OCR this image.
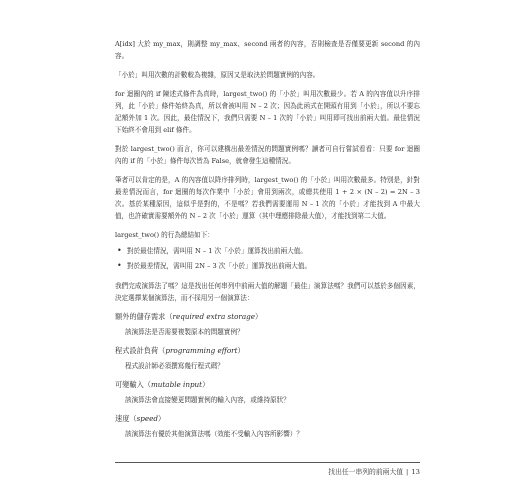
A[idx] 大於 my_max，則調整 my_max、second 兩者的內容，否則檢查是否僅要更新 second 的內容。

「小於」叫用次數的計數較為複雜，原因又是取決於問題實例的內容。

for 迴圈內的 if 陳述式條件為真時，largest_two() 的「小於」叫用次數最少。若 A 的內容值以升序排列，此「小於」條件始終為真，所以會被叫用 N – 2 次；因為此函式在開頭有用到「小於」，所以不要忘記額外加 1 次。因此，最佳情況下，我們只需要 N – 1 次的「小於」叫用即可找出前兩大值。最佳情況下始終不會用到 elif 條件。

對於 largest_two() 而言，你可以建構出最差情況的問題實例嗎？讀者可自行嘗試看看：只要 for 迴圈內的 if 的「小於」條件每次皆為 False，就會發生這種情況。

筆者可以肯定的是，A 的內容值以降序排列時，largest_two() 的「小於」叫用次數最多。特別是，針對最差情況而言，for 迴圈的每次作業中「小於」會用到兩次，或總共使用 1 + 2 × (N – 2) = 2N – 3 次。基於某種原因，這似乎是對的，不是嗎？若我們需要運用 N – 1 次的「小於」才能找到 A 中最大值，也許確實需要額外的 N – 2 次「小於」運算（其中理應排除最大值），才能找到第二大值。

largest_two() 的行為總結如下：

• 對於最佳情況，需叫用 N – 1 次「小於」運算找出前兩大值。
• 對於最差情況，需叫用 2N – 3 次「小於」運算找出前兩大值。

我們完成演算法了嗎？這是找出任何串列中前兩大值的解題「最佳」演算法嗎？我們可以基於多個因素，決定選擇某個演算法，而不採用另一個演算法：

額外的儲存需求（required extra storage）
該演算法是否需要複製原本的問題實例？
程式設計負荷（programming effort）
程式設計師必須撰寫幾行程式碼？
可變輸入（mutable input）
該演算法會直接變更問題實例的輸入內容，或維持原狀？
速度（speed）
該演算法有優於其他演算法嗎（效能不受輸入內容所影響）？
找出任一串列的前兩大值 | 13
